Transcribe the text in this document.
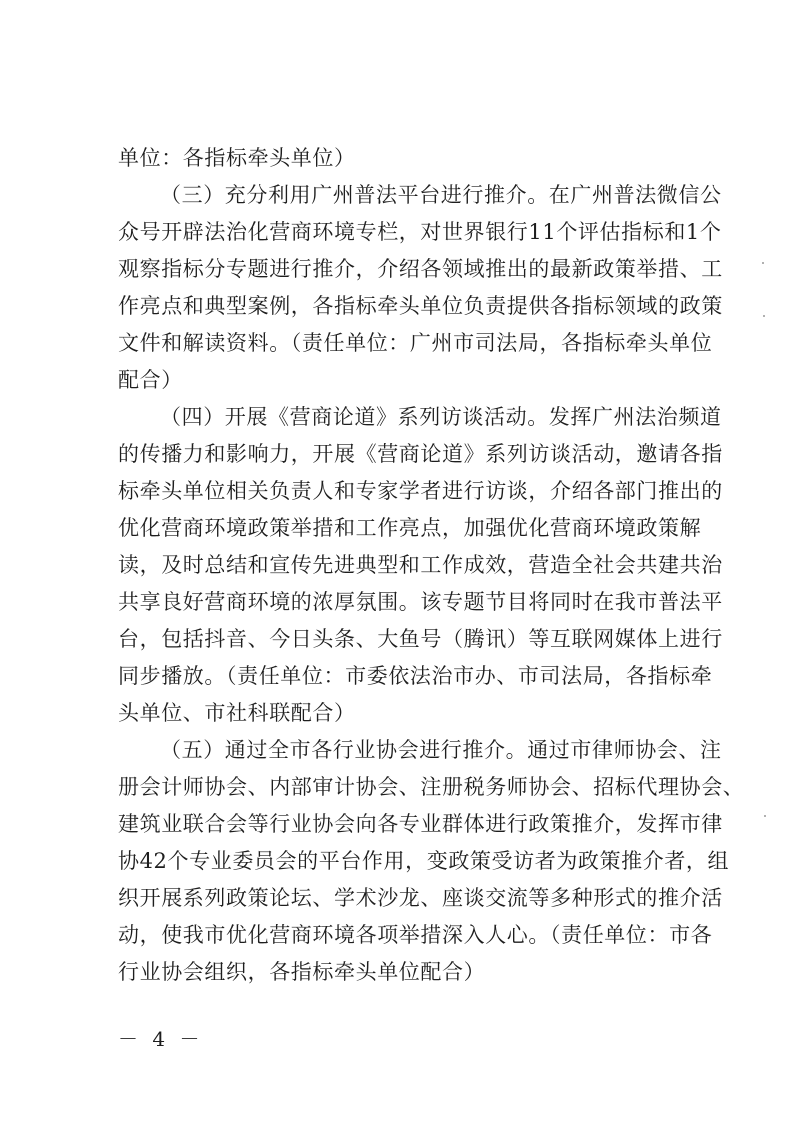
单位：各指标牵头单位）
（三）充分利用广州普法平台进行推介。在广州普法微信公
众号开辟法治化营商环境专栏，对世界银行11个评估指标和1个
观察指标分专题进行推介，介绍各领域推出的最新政策举措、工
作亮点和典型案例，各指标牵头单位负责提供各指标领域的政策
文件和解读资料。（责任单位：广州市司法局，各指标牵头单位
配合）
（四）开展《营商论道》系列访谈活动。发挥广州法治频道
的传播力和影响力，开展《营商论道》系列访谈活动，邀请各指
标牵头单位相关负责人和专家学者进行访谈，介绍各部门推出的
优化营商环境政策举措和工作亮点，加强优化营商环境政策解
读，及时总结和宣传先进典型和工作成效，营造全社会共建共治
共享良好营商环境的浓厚氛围。该专题节目将同时在我市普法平
台，包括抖音、今日头条、大鱼号（腾讯）等互联网媒体上进行
同步播放。（责任单位：市委依法治市办、市司法局，各指标牵
头单位、市社科联配合）
（五）通过全市各行业协会进行推介。通过市律师协会、注
册会计师协会、内部审计协会、注册税务师协会、招标代理协会、
建筑业联合会等行业协会向各专业群体进行政策推介，发挥市律
协42个专业委员会的平台作用，变政策受访者为政策推介者，组
织开展系列政策论坛、学术沙龙、座谈交流等多种形式的推介活
动，使我市优化营商环境各项举措深入人心。（责任单位：市各
行业协会组织，各指标牵头单位配合）
－ 4 －
